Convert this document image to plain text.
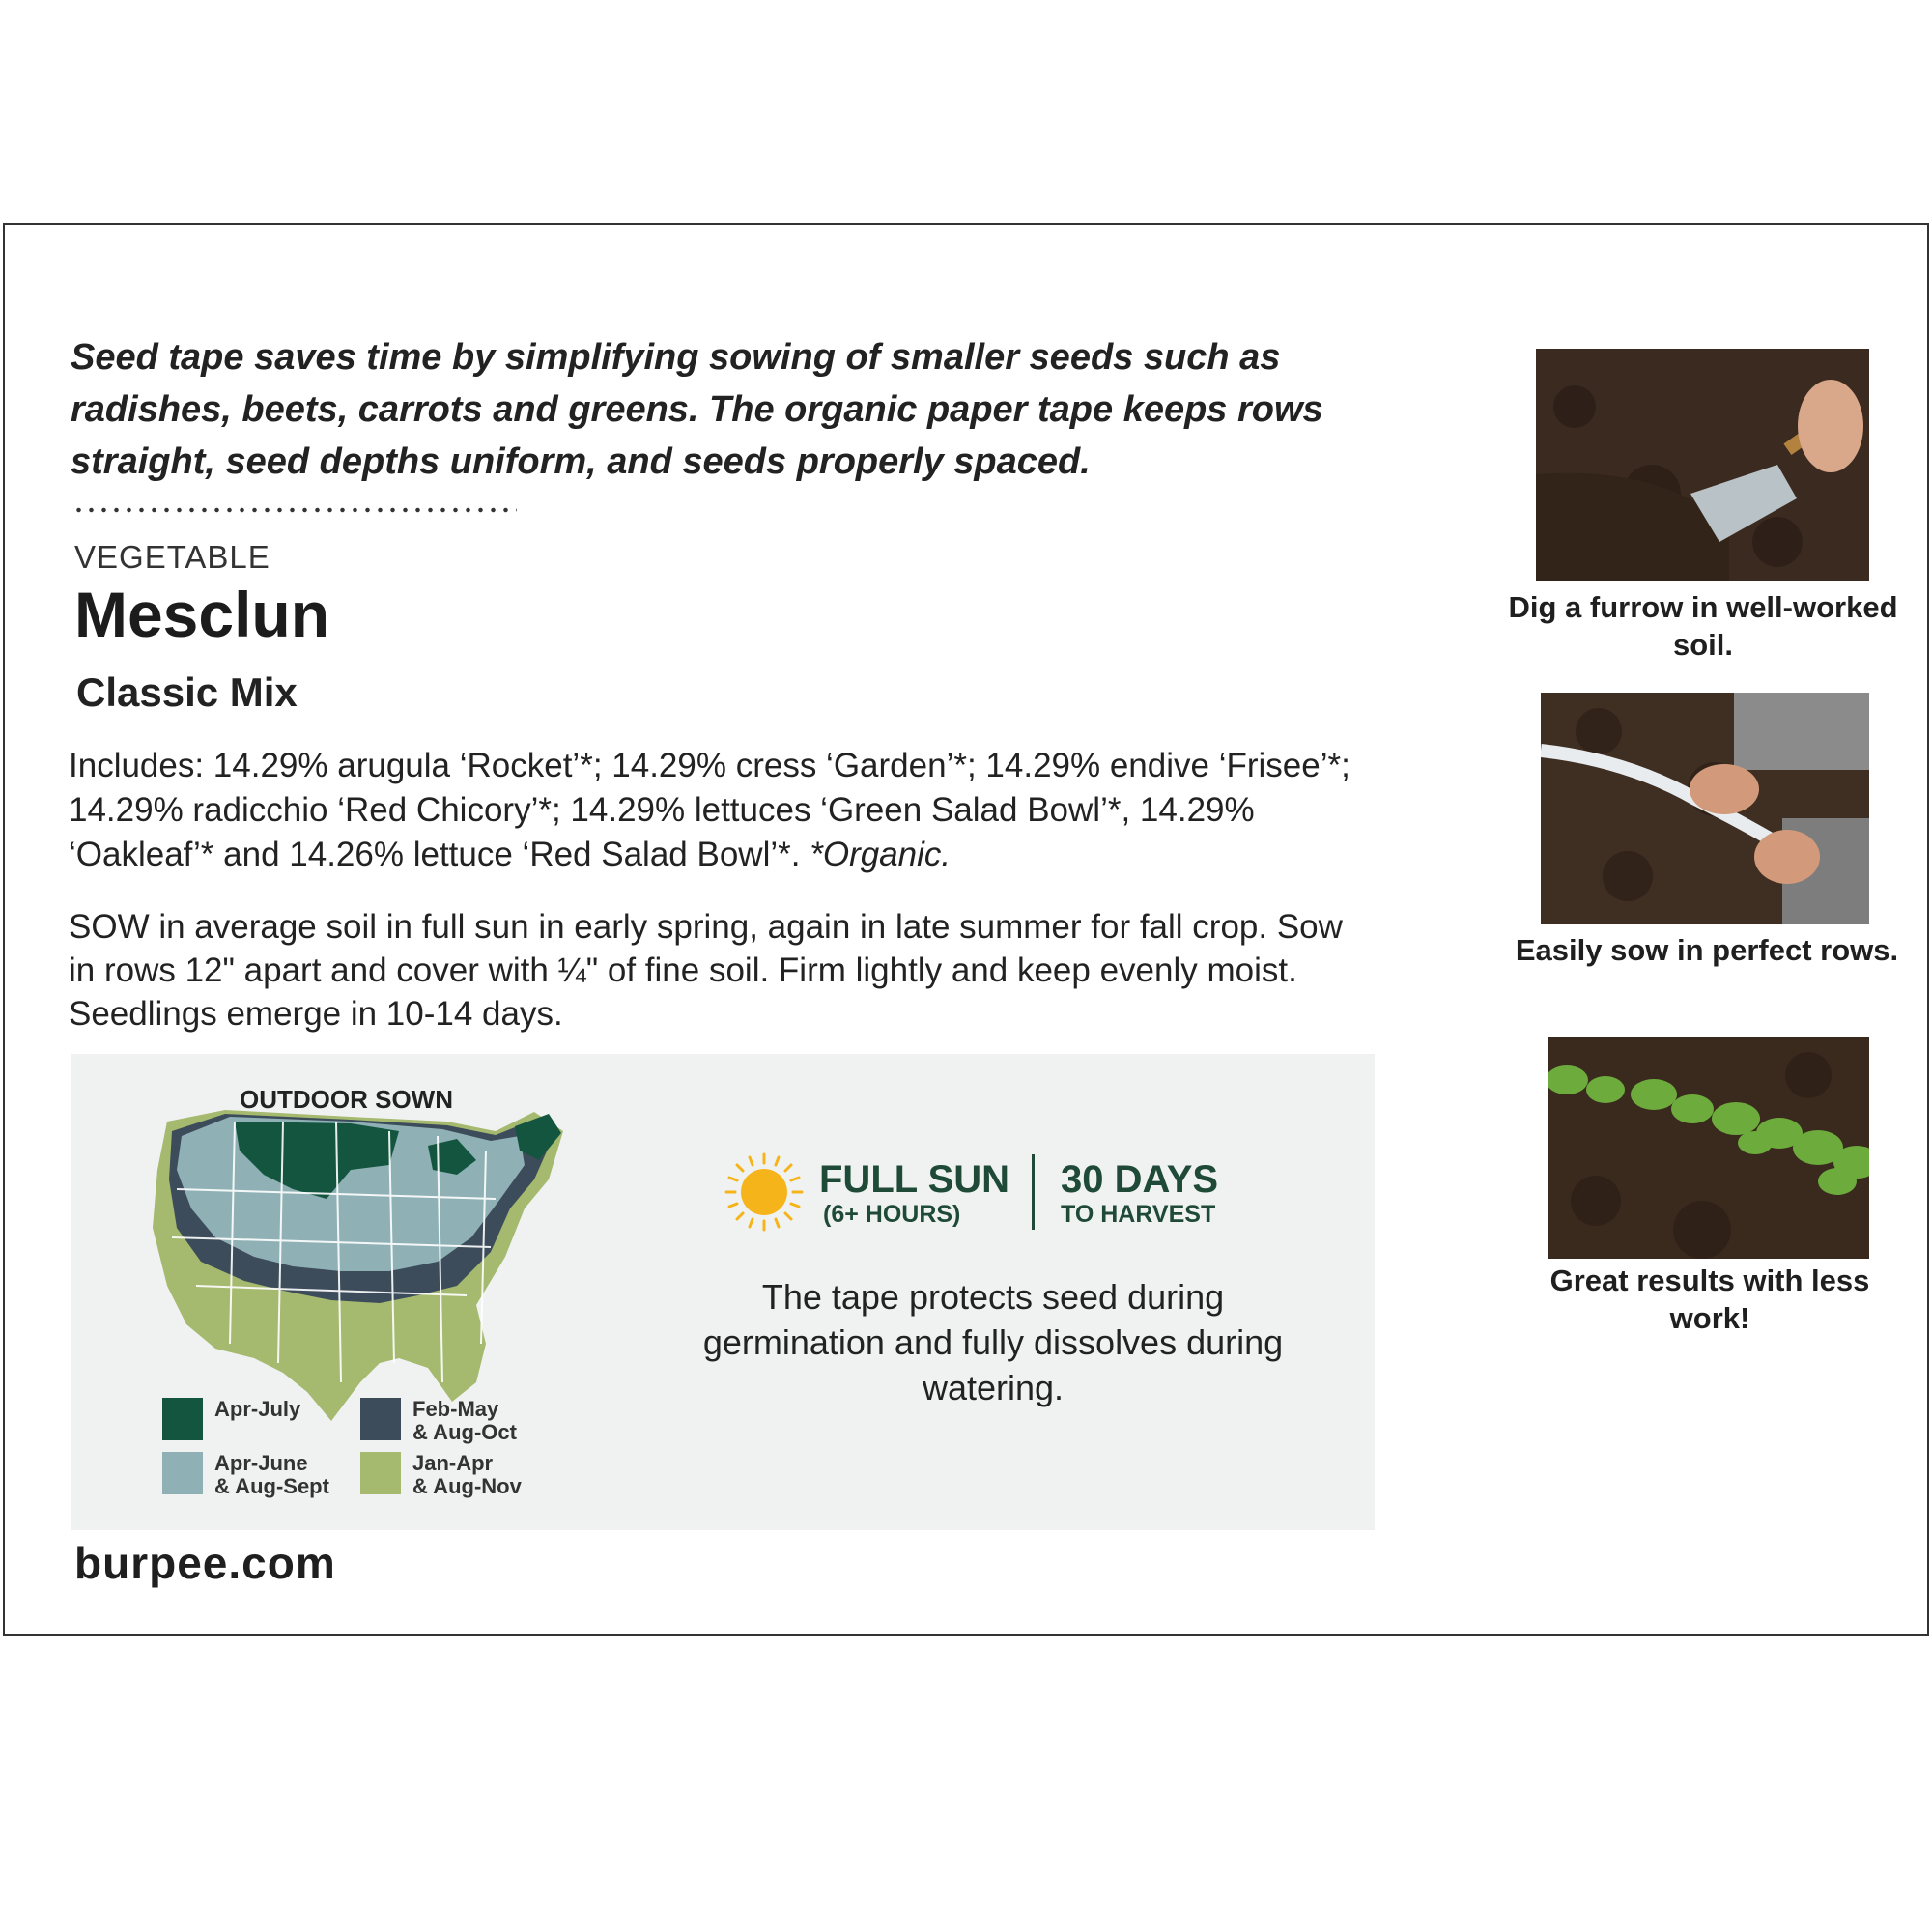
Seed tape saves time by simplifying sowing of smaller seeds such as radishes, beets, carrots and greens. The organic paper tape keeps rows straight, seed depths uniform, and seeds properly spaced.
VEGETABLE
Mesclun
Classic Mix
Includes: 14.29% arugula ‘Rocket’*; 14.29% cress ‘Garden’*; 14.29% endive ‘Frisee’*; 14.29% radicchio ‘Red Chicory’*; 14.29% lettuces ‘Green Salad Bowl’*, 14.29% ‘Oakleaf’* and 14.26% lettuce ‘Red Salad Bowl’*. *Organic.
SOW in average soil in full sun in early spring, again in late summer for fall crop. Sow in rows 12" apart and cover with ¼" of fine soil. Firm lightly and keep evenly moist. Seedlings emerge in 10-14 days.
OUTDOOR SOWN
Apr-July	Feb-May
& Aug-Oct
Apr-June
& Aug-Sept
Jan-Apr
& Aug-Nov
FULL SUN
(6+ HOURS)
30 DAYS
TO HARVEST
The tape protects seed during germination and fully dissolves during watering.
burpee.com
Dig a furrow in well-worked soil.
Easily sow in perfect rows.
Great results with less work!
